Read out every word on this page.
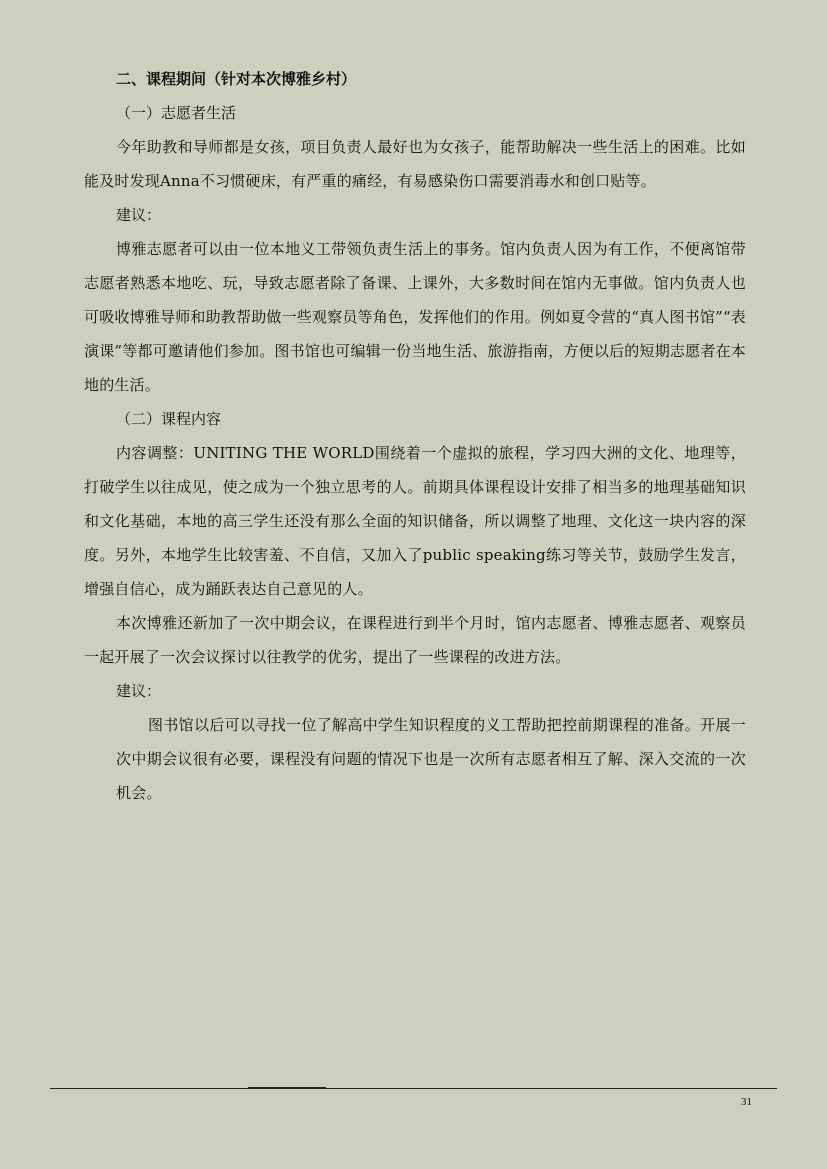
二、课程期间（针对本次博雅乡村）

（一）志愿者生活

今年助教和导师都是女孩，项目负责人最好也为女孩子，能帮助解决一些生活上的困难。比如能及时发现Anna不习惯硬床，有严重的痛经，有易感染伤口需要消毒水和创口贴等。

建议：

博雅志愿者可以由一位本地义工带领负责生活上的事务。馆内负责人因为有工作，不便离馆带志愿者熟悉本地吃、玩，导致志愿者除了备课、上课外，大多数时间在馆内无事做。馆内负责人也可吸收博雅导师和助教帮助做一些观察员等角色，发挥他们的作用。例如夏令营的“真人图书馆”“表演课”等都可邀请他们参加。图书馆也可编辑一份当地生活、旅游指南，方便以后的短期志愿者在本地的生活。

（二）课程内容

内容调整：UNITING THE WORLD围绕着一个虚拟的旅程，学习四大洲的文化、地理等，打破学生以往成见，使之成为一个独立思考的人。前期具体课程设计安排了相当多的地理基础知识和文化基础，本地的高三学生还没有那么全面的知识储备，所以调整了地理、文化这一块内容的深度。另外，本地学生比较害羞、不自信，又加入了public speaking练习等关节，鼓励学生发言，增强自信心，成为踊跃表达自己意见的人。

本次博雅还新加了一次中期会议，在课程进行到半个月时，馆内志愿者、博雅志愿者、观察员一起开展了一次会议探讨以往教学的优劣，提出了一些课程的改进方法。

建议：

图书馆以后可以寻找一位了解高中学生知识程度的义工帮助把控前期课程的准备。开展一次中期会议很有必要，课程没有问题的情况下也是一次所有志愿者相互了解、深入交流的一次机会。

31
